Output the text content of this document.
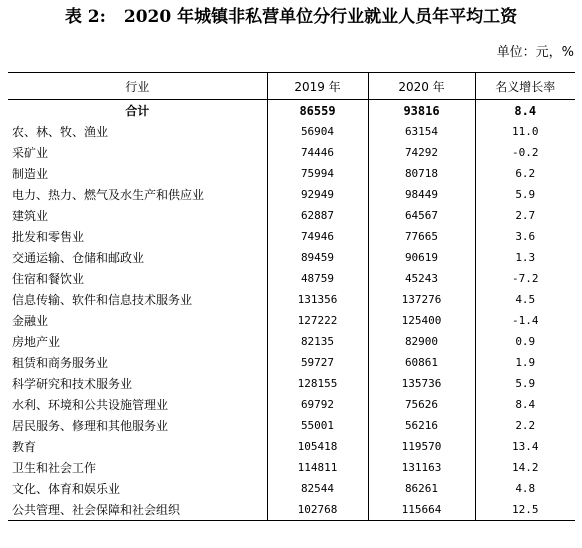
表 2: 2020 年城镇非私营单位分行业就业人员年平均工资
单位：元，%
行业	2019 年	2020 年	名义增长率
合计	86559	93816	8.4
农、林、牧、渔业	56904	63154	11.0
采矿业	74446	74292	-0.2
制造业	75994	80718	6.2
电力、热力、燃气及水生产和供应业	92949	98449	5.9
建筑业	62887	64567	2.7
批发和零售业	74946	77665	3.6
交通运输、仓储和邮政业	89459	90619	1.3
住宿和餐饮业	48759	45243	-7.2
信息传输、软件和信息技术服务业	131356	137276	4.5
金融业	127222	125400	-1.4
房地产业	82135	82900	0.9
租赁和商务服务业	59727	60861	1.9
科学研究和技术服务业	128155	135736	5.9
水利、环境和公共设施管理业	69792	75626	8.4
居民服务、修理和其他服务业	55001	56216	2.2
教育	105418	119570	13.4
卫生和社会工作	114811	131163	14.2
文化、体育和娱乐业	82544	86261	4.8
公共管理、社会保障和社会组织	102768	115664	12.5
